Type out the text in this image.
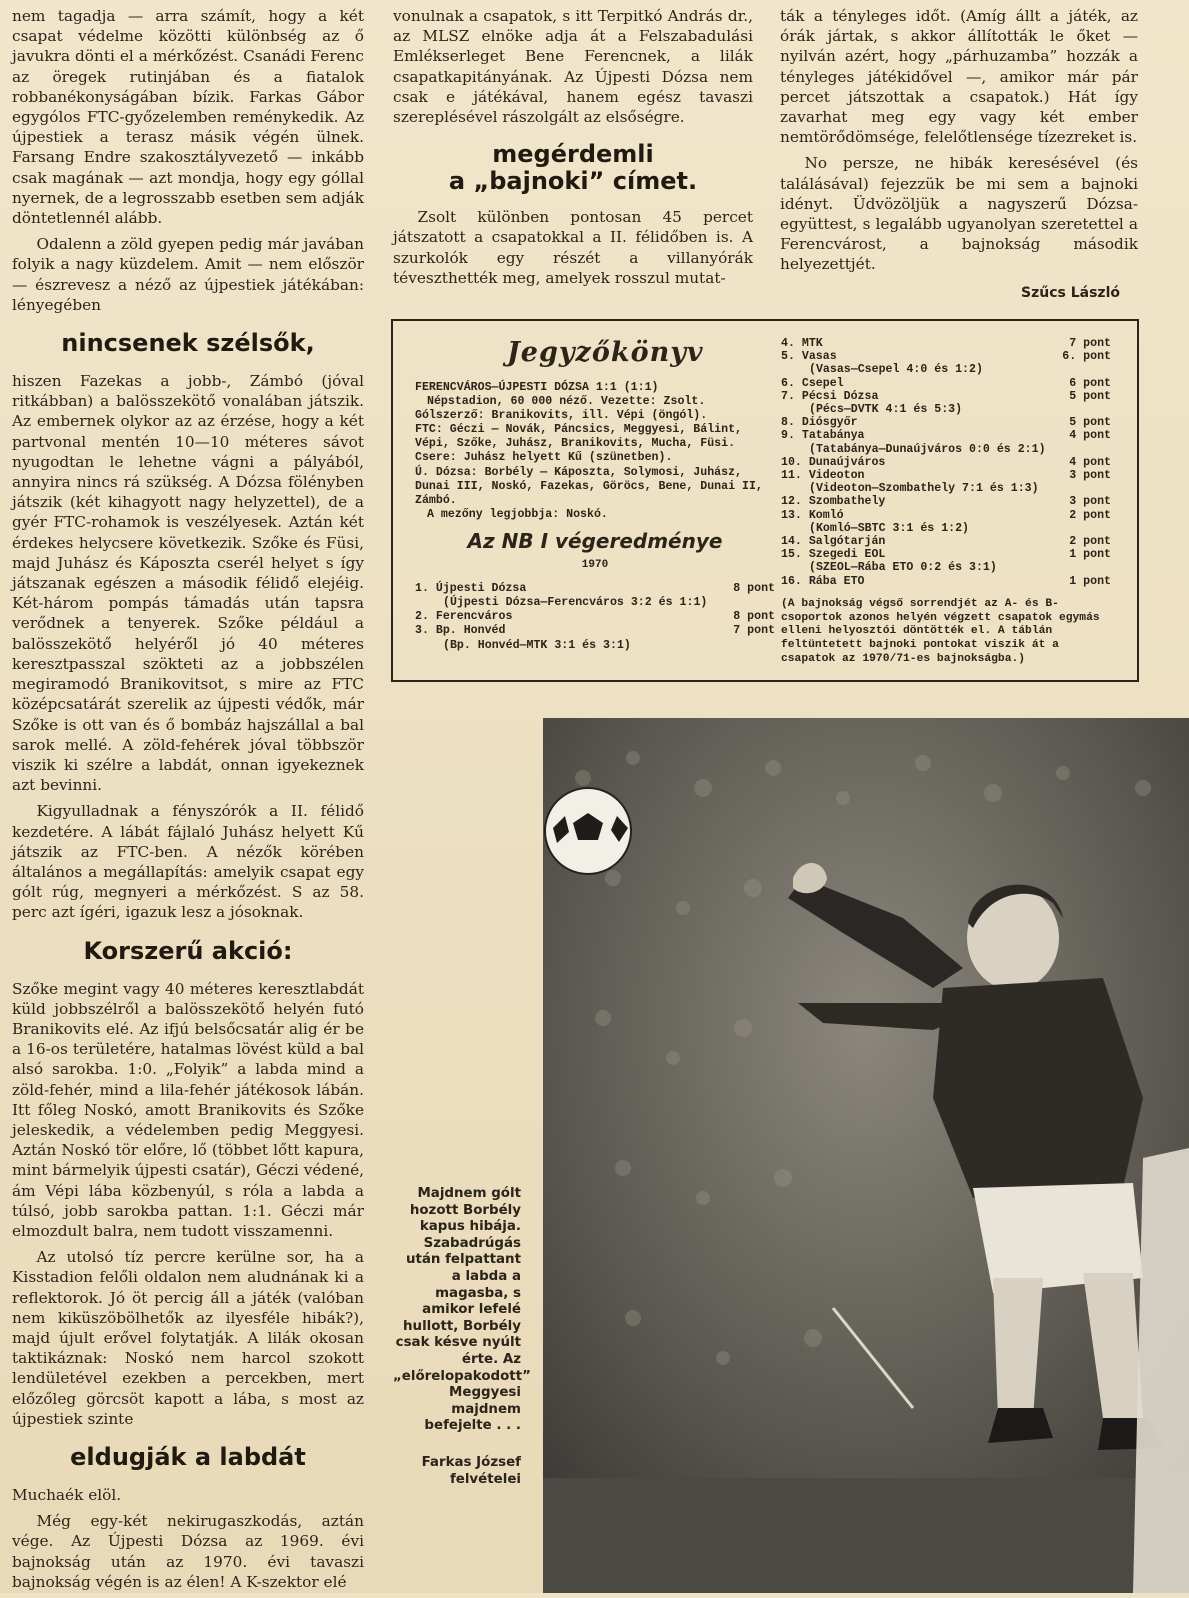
nem tagadja — arra számít, hogy a két csapat védelme közötti különbség az ő javukra dönti el a mérkőzést. Csanádi Ferenc az öregek rutinjában és a fiatalok robbanékonyságában bízik. Farkas Gábor egygólos FTC-győzelemben reménykedik. Az újpestiek a terasz másik végén ülnek. Farsang Endre szakosztályvezető — inkább csak magának — azt mondja, hogy egy góllal nyernek, de a legrosszabb esetben sem adják döntetlennél alább.

Odalenn a zöld gyepen pedig már javában folyik a nagy küzdelem. Amit — nem először — észrevesz a néző az újpestiek játékában: lényegében

nincsenek szélsők,

hiszen Fazekas a jobb-, Zámbó (jóval ritkábban) a balösszekötő vonalában játszik. Az embernek olykor az az érzése, hogy a két partvonal mentén 10—10 méteres sávot nyugodtan le lehetne vágni a pályából, annyira nincs rá szükség. A Dózsa fölényben játszik (két kihagyott nagy helyzettel), de a gyér FTC-rohamok is veszélyesek. Aztán két érdekes helycsere következik. Szőke és Füsi, majd Juhász és Káposzta cserél helyet s így játszanak egészen a második félidő elejéig. Két-három pompás támadás után tapsra verődnek a tenyerek. Szőke például a balösszekötő helyéről jó 40 méteres keresztpasszal szökteti az a jobbszélen megiramodó Branikovitsot, s mire az FTC középcsatárát szerelik az újpesti védők, már Szőke is ott van és ő bombáz hajszállal a bal sarok mellé. A zöld-fehérek jóval többször viszik ki szélre a labdát, onnan igyekeznek azt bevinni.

Kigyulladnak a fényszórók a II. félidő kezdetére. A lábát fájlaló Juhász helyett Kű játszik az FTC-ben. A nézők körében általános a megállapítás: amelyik csapat egy gólt rúg, megnyeri a mérkőzést. S az 58. perc azt ígéri, igazuk lesz a jósoknak.

Korszerű akció:

Szőke megint vagy 40 méteres keresztlabdát küld jobbszélről a balösszekötő helyén futó Branikovits elé. Az ifjú belsőcsatár alig ér be a 16-os területére, hatalmas lövést küld a bal alsó sarokba. 1:0. „Folyik” a labda mind a zöld-fehér, mind a lila-fehér játékosok lábán. Itt főleg Noskó, amott Branikovits és Szőke jeleskedik, a védelemben pedig Meggyesi. Aztán Noskó tör előre, lő (többet lőtt kapura, mint bármelyik újpesti csatár), Géczi védené, ám Vépi lába közbenyúl, s róla a labda a túlsó, jobb sarokba pattan. 1:1. Géczi már elmozdult balra, nem tudott visszamenni.

Az utolsó tíz percre kerülne sor, ha a Kisstadion felőli oldalon nem aludnának ki a reflektorok. Jó öt percig áll a játék (valóban nem kiküszöbölhetők az ilyesféle hibák?), majd újult erővel folytatják. A lilák okosan taktikáznak: Noskó nem harcol szokott lendületével ezekben a percekben, mert előzőleg görcsöt kapott a lába, s most az újpestiek szinte

eldugják a labdát

Muchaék elöl.

Még egy-két nekirugaszkodás, aztán vége. Az Újpesti Dózsa az 1969. évi bajnokság után az 1970. évi tavaszi bajnokság végén is az élen! A K-szektor elé

vonulnak a csapatok, s itt Terpitkó András dr., az MLSZ elnöke adja át a Felszabadulási Emlékserleget Bene Ferencnek, a lilák csapatkapitányának. Az Újpesti Dózsa nem csak e játékával, hanem egész tavaszi szereplésével rászolgált az elsőségre.

megérdemli
a „bajnoki” címet.

Zsolt különben pontosan 45 percet játszatott a csapatokkal a II. félidőben is. A szurkolók egy részét a villanyórák téveszthették meg, amelyek rosszul mutat-

ták a tényleges időt. (Amíg állt a játék, az órák jártak, s akkor állították le őket — nyilván azért, hogy „párhuzamba” hozzák a tényleges játékidővel —, amikor már pár percet játszottak a csapatok.) Hát így zavarhat meg egy vagy két ember nemtörődömsége, felelőtlensége tízezreket is.

No persze, ne hibák keresésével (és találásával) fejezzük be mi sem a bajnoki idényt. Üdvözöljük a nagyszerű Dózsa-együttest, s legalább ugyanolyan szeretettel a Ferencvárost, a bajnokság második helyezettjét.

Szűcs László
Jegyzőkönyv
FERENCVÁROS—ÚJPESTI DÓZSA 1:1 (1:1)
Népstadion, 60 000 néző. Vezette: Zsolt.
Gólszerző: Branikovits, ill. Vépi (öngól).
FTC: Géczi — Novák, Páncsics, Meggyesi, Bálint, Vépi, Szőke, Juhász, Branikovits, Mucha, Füsi. Csere: Juhász helyett Kű (szünetben).
Ú. Dózsa: Borbély — Káposzta, Solymosi, Juhász, Dunai III, Noskó, Fazekas, Göröcs, Bene, Dunai II, Zámbó.
A mezőny legjobbja: Noskó.
Az NB I végeredménye
1970
1. Újpesti Dózsa	8 pont
(Újpesti Dózsa—Ferencváros 3:2 és 1:1)
2. Ferencváros	8 pont
3. Bp. Honvéd	7 pont
(Bp. Honvéd—MTK 3:1 és 3:1)
4. MTK	7 pont
5. Vasas	6. pont
(Vasas—Csepel 4:0 és 1:2)
6. Csepel	6 pont
7. Pécsi Dózsa	5 pont
(Pécs—DVTK 4:1 és 5:3)
8. Diósgyőr	5 pont
9. Tatabánya	4 pont
(Tatabánya—Dunaújváros 0:0 és 2:1)
10. Dunaújváros	4 pont
11. Videoton	3 pont
(Videoton—Szombathely 7:1 és 1:3)
12. Szombathely	3 pont
13. Komló	2 pont
(Komló—SBTC 3:1 és 1:2)
14. Salgótarján	2 pont
15. Szegedi EOL	1 pont
(SZEOL—Rába ETO 0:2 és 3:1)
16. Rába ETO	1 pont
(A bajnokság végső sorrendjét az A- és B-csoportok azonos helyén végzett csapatok egymás elleni helyosztói döntötték el. A táblán feltüntetett bajnoki pontokat viszik át a csapatok az 1970/71-es bajnokságba.)
Majdnem gólt hozott Borbély kapus hibája. Szabadrúgás után felpattant a labda a magasba, s amikor lefelé hullott, Borbély csak késve nyúlt érte. Az „előrelopakodott” Meggyesi majdnem befejelte . . .
Farkas József felvételei
